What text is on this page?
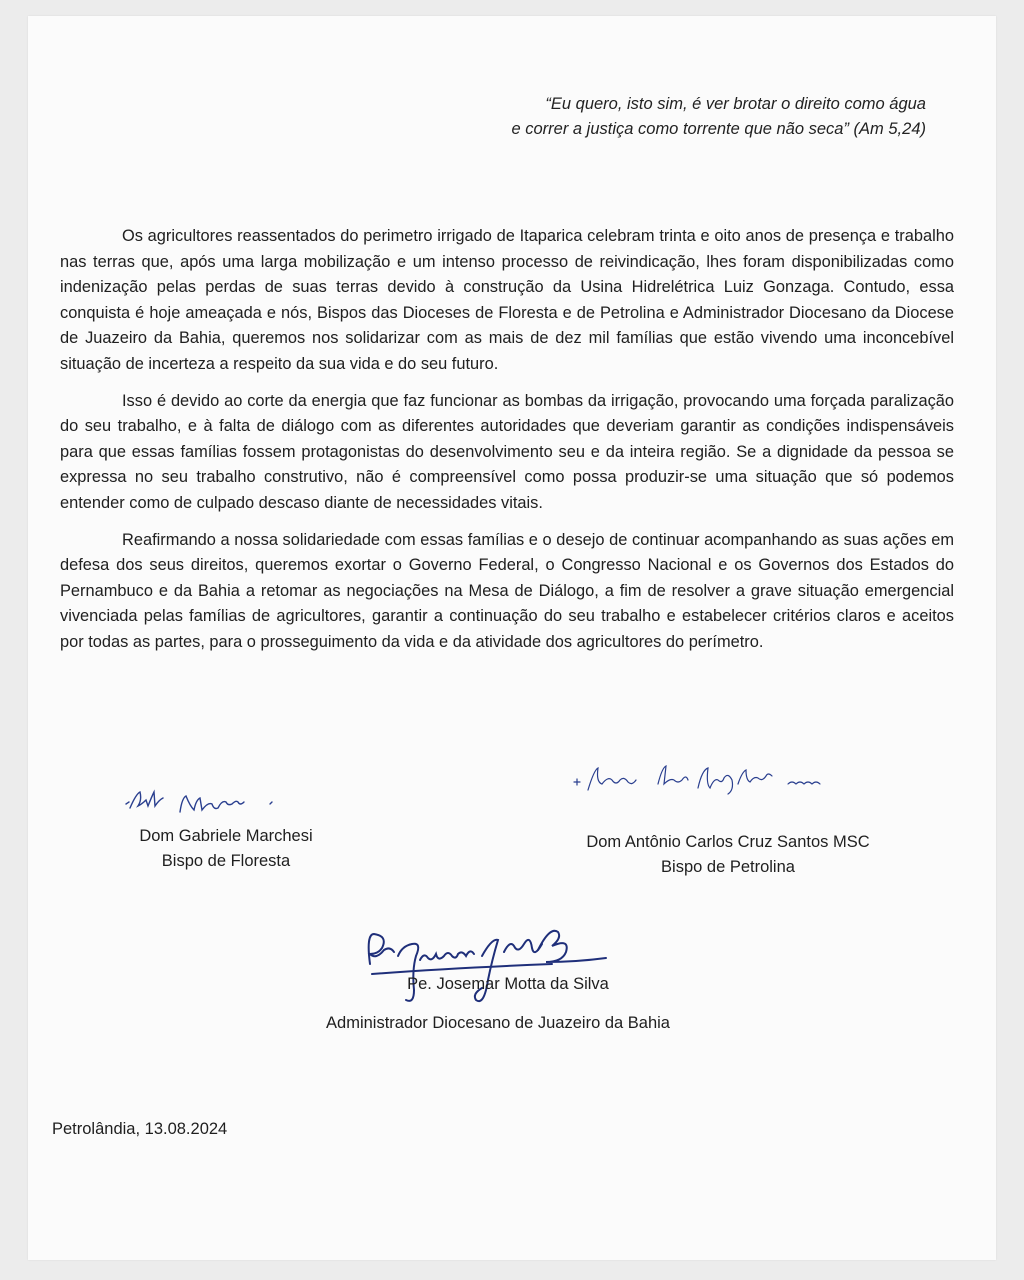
“Eu quero, isto sim, é ver brotar o direito como água
e correr a justiça como torrente que não seca” (Am 5,24)

Os agricultores reassentados do perimetro irrigado de Itaparica celebram trinta e oito anos de presença e trabalho nas terras que, após uma larga mobilização e um intenso processo de reivindicação, lhes foram disponibilizadas como indenização pelas perdas de suas terras devido à construção da Usina Hidrelétrica Luiz Gonzaga. Contudo, essa conquista é hoje ameaçada e nós, Bispos das Dioceses de Floresta e de Petrolina e Administrador Diocesano da Diocese de Juazeiro da Bahia, queremos nos solidarizar com as mais de dez mil famílias que estão vivendo uma inconcebível situação de incerteza a respeito da sua vida e do seu futuro.

Isso é devido ao corte da energia que faz funcionar as bombas da irrigação, provocando uma forçada paralização do seu trabalho, e à falta de diálogo com as diferentes autoridades que deveriam garantir as condições indispensáveis para que essas famílias fossem protagonistas do desenvolvimento seu e da inteira região. Se a dignidade da pessoa se expressa no seu trabalho construtivo, não é compreensível como possa produzir-se uma situação que só podemos entender como de culpado descaso diante de necessidades vitais.

Reafirmando a nossa solidariedade com essas famílias e o desejo de continuar acompanhando as suas ações em defesa dos seus direitos, queremos exortar o Governo Federal, o Congresso Nacional e os Governos dos Estados do Pernambuco e da Bahia a retomar as negociações na Mesa de Diálogo, a fim de resolver a grave situação emergencial vivenciada pelas famílias de agricultores, garantir a continuação do seu trabalho e estabelecer critérios claros e aceitos por todas as partes, para o prosseguimento da vida e da atividade dos agricultores do perímetro.

Dom Gabriele Marchesi
Bispo de Floresta
Dom Antônio Carlos Cruz Santos MSC
Bispo de Petrolina
Pe. Josemar Motta da Silva
Administrador Diocesano de Juazeiro da Bahia
Petrolândia, 13.08.2024
